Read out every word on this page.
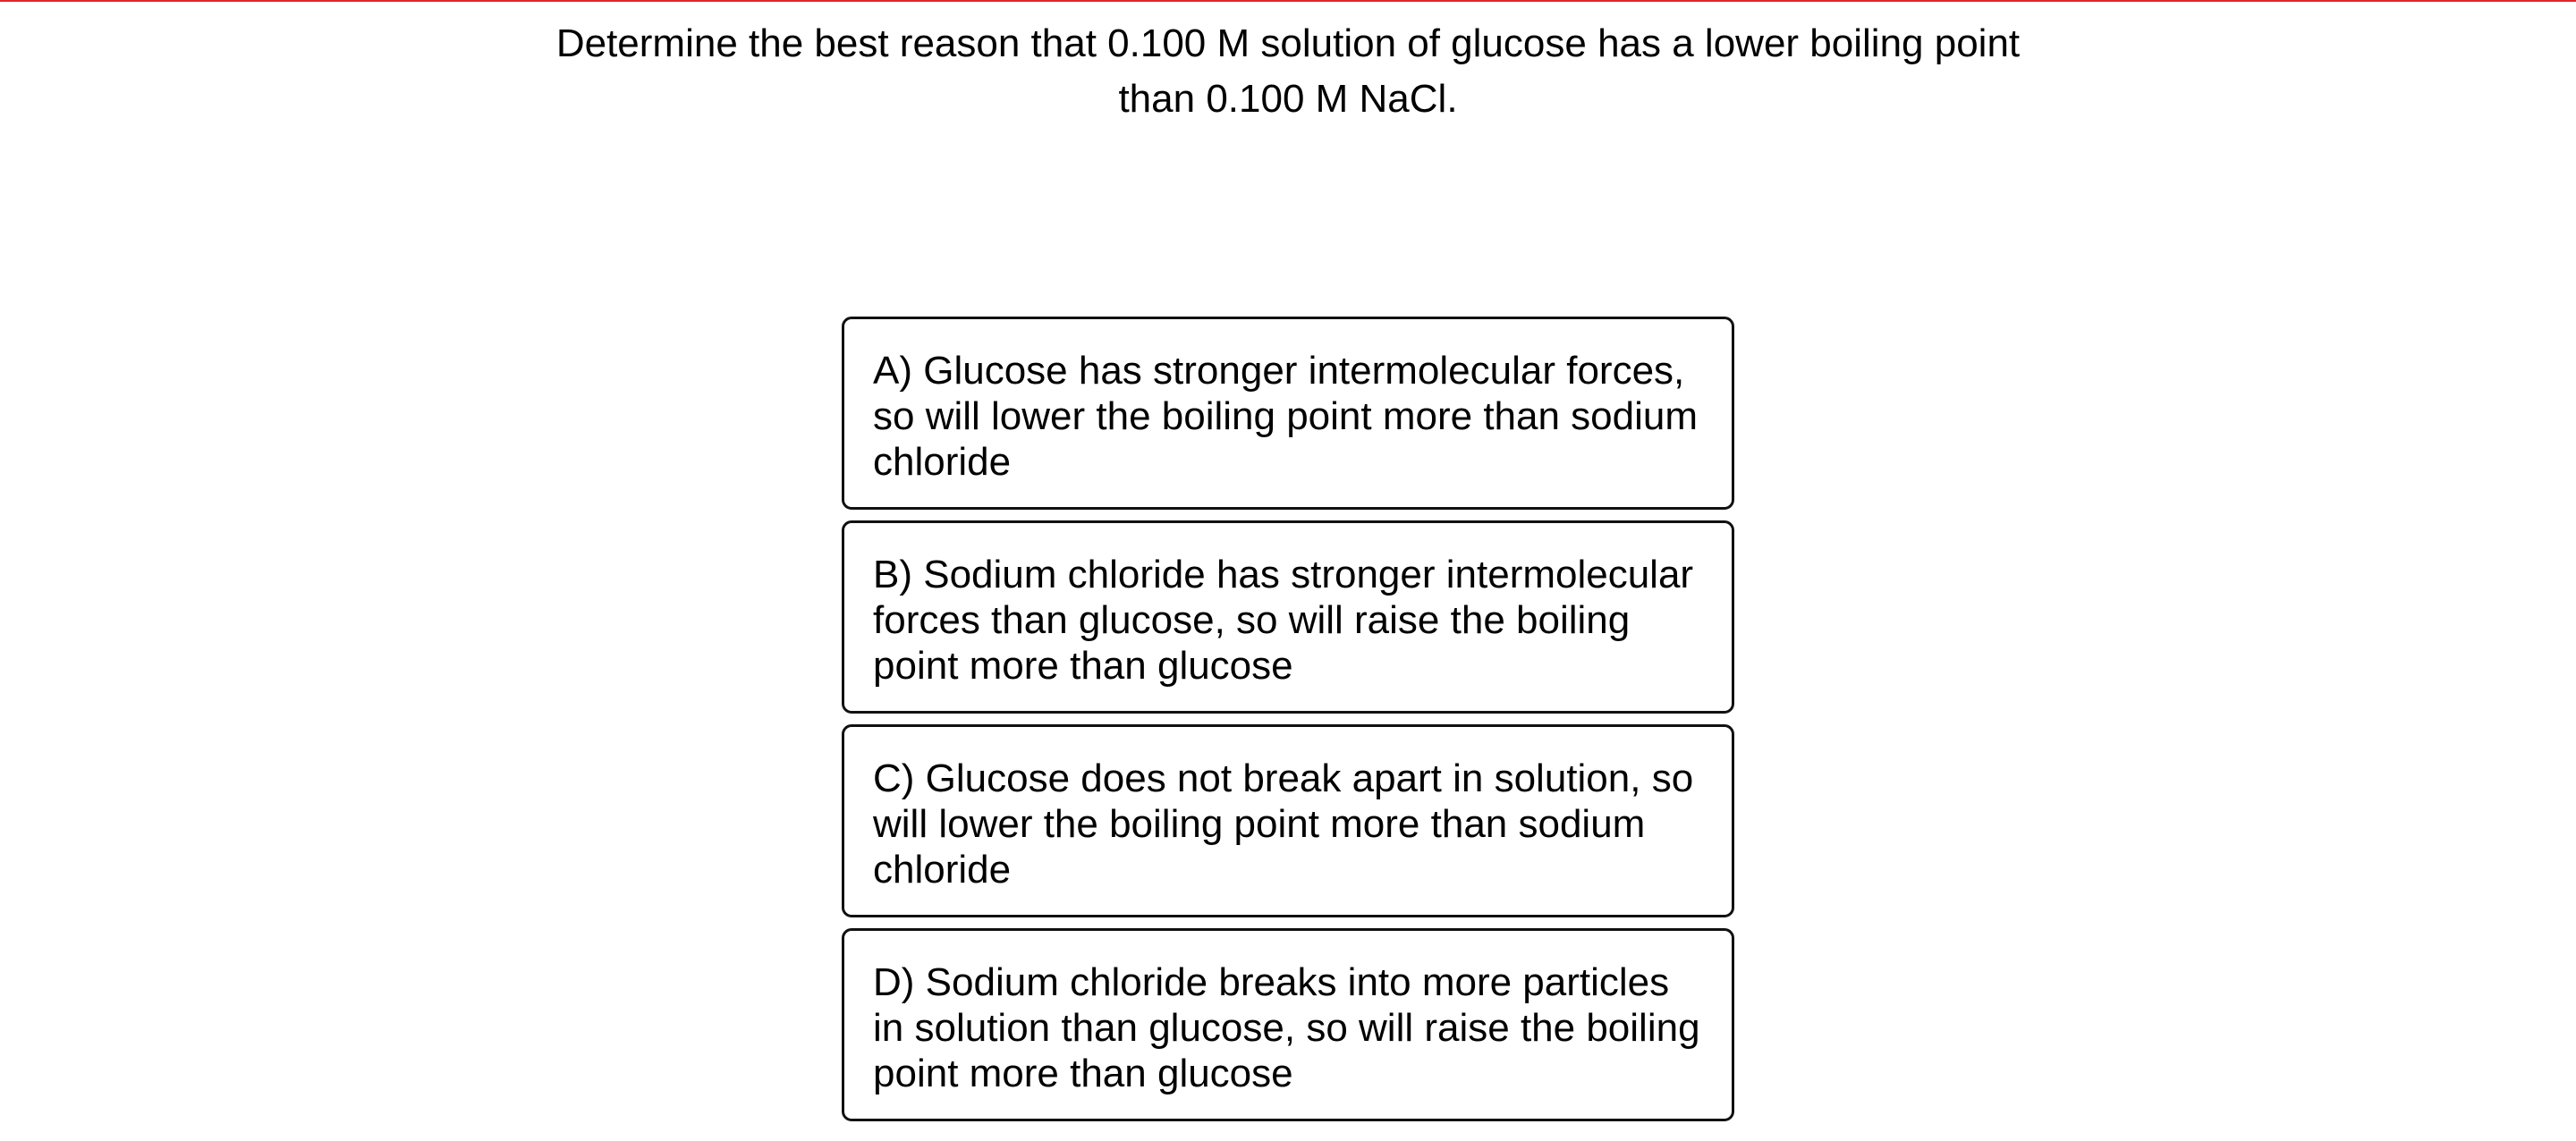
Determine the best reason that 0.100 M solution of glucose has a lower boiling point than 0.100 M NaCl.

A) Glucose has stronger intermolecular forces, so will lower the boiling point more than sodium chloride
B) Sodium chloride has stronger intermolecular forces than glucose, so will raise the boiling point more than glucose
C) Glucose does not break apart in solution, so will lower the boiling point more than sodium chloride
D) Sodium chloride breaks into more particles in solution than glucose, so will raise the boiling point more than glucose
